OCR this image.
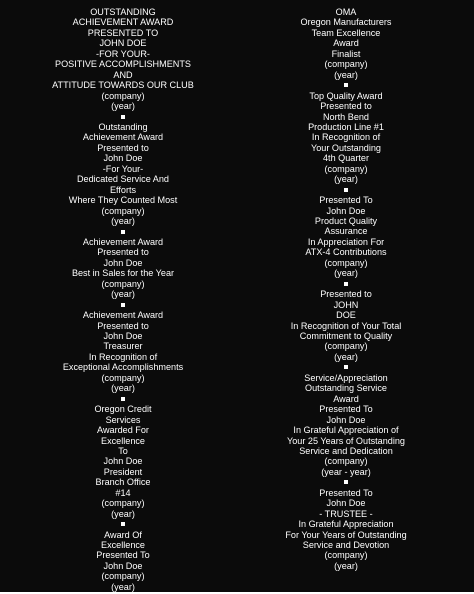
OUTSTANDING
ACHIEVEMENT AWARD
PRESENTED TO
JOHN DOE
-FOR YOUR-
POSITIVE ACCOMPLISHMENTS
AND
ATTITUDE TOWARDS OUR CLUB
(company)
(year)
Outstanding
Achievement Award
Presented to
John Doe
-For Your-
Dedicated Service And
Efforts
Where They Counted Most
(company)
(year)
Achievement Award
Presented to
John Doe
Best in Sales for the Year
(company)
(year)
Achievement Award
Presented to
John Doe
Treasurer
In Recognition of
Exceptional Accomplishments
(company)
(year)
Oregon Credit
Services
Awarded For
Excellence
To
John Doe
President
Branch Office
#14
(company)
(year)
Award Of
Excellence
Presented To
John Doe
(company)
(year)
OMA
Oregon Manufacturers
Team Excellence
Award
Finalist
(company)
(year)
Top Quality Award
Presented to
North Bend
Production Line #1
In Recognition of
Your Outstanding
4th Quarter
(company)
(year)
Presented To
John Doe
Product Quality
Assurance
In Appreciation For
ATX-4 Contributions
(company)
(year)
Presented to
JOHN
DOE
In Recognition of Your Total
Commitment to Quality
(company)
(year)
Service/Appreciation
Outstanding Service
Award
Presented To
John Doe
In Grateful Appreciation of
Your 25 Years of Outstanding
Service and Dedication
(company)
(year - year)
Presented To
John Doe
- TRUSTEE -
In Grateful Appreciation
For Your Years of Outstanding
Service and Devotion
(company)
(year)
